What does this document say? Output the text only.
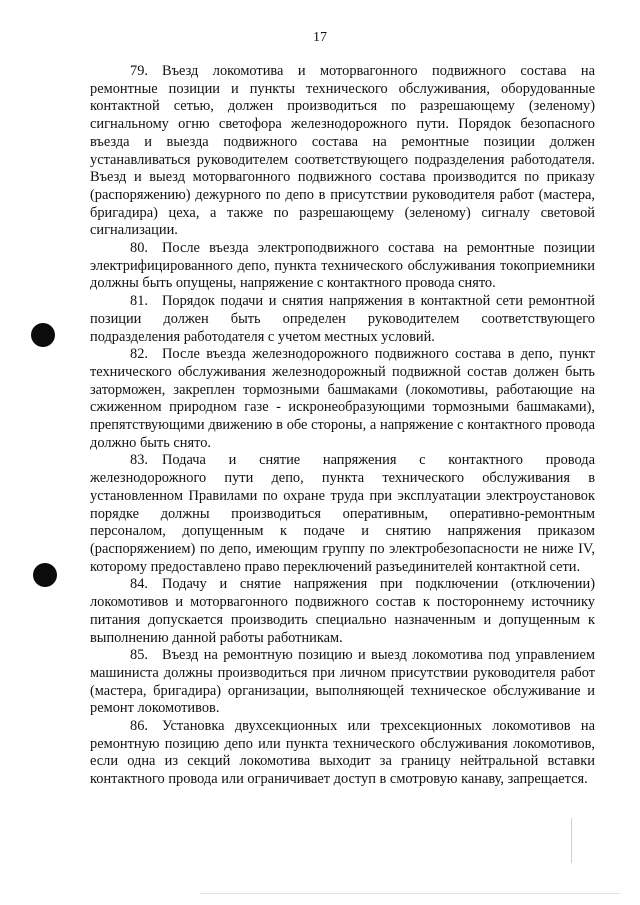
17

79. Въезд локомотива и моторвагонного подвижного состава на ремонтные позиции и пункты технического обслуживания, оборудованные контактной сетью, должен производиться по разрешающему (зеленому) сигнальному огню светофора железнодорожного пути. Порядок безопасного въезда и выезда подвижного состава на ремонтные позиции должен устанавливаться руководителем соответствующего подразделения работодателя. Въезд и выезд моторвагонного подвижного состава производится по приказу (распоряжению) дежурного по депо в присутствии руководителя работ (мастера, бригадира) цеха, а также по разрешающему (зеленому) сигналу световой сигнализации.

80. После въезда электроподвижного состава на ремонтные позиции электрифицированного депо, пункта технического обслуживания токоприемники должны быть опущены, напряжение с контактного провода снято.

81. Порядок подачи и снятия напряжения в контактной сети ремонтной позиции должен быть определен руководителем соответствующего подразделения работодателя с учетом местных условий.

82. После въезда железнодорожного подвижного состава в депо, пункт технического обслуживания железнодорожный подвижной состав должен быть заторможен, закреплен тормозными башмаками (локомотивы, работающие на сжиженном природном газе - искронеобразующими тормозными башмаками), препятствующими движению в обе стороны, а напряжение с контактного провода должно быть снято.

83. Подача и снятие напряжения с контактного провода железнодорожного пути депо, пункта технического обслуживания в установленном Правилами по охране труда при эксплуатации электроустановок порядке должны производиться оперативным, оперативно-ремонтным персоналом, допущенным к подаче и снятию напряжения приказом (распоряжением) по депо, имеющим группу по электробезопасности не ниже IV, которому предоставлено право переключений разъединителей контактной сети.

84. Подачу и снятие напряжения при подключении (отключении) локомотивов и моторвагонного подвижного состав к постороннему источнику питания допускается производить специально назначенным и допущенным к выполнению данной работы работникам.

85. Въезд на ремонтную позицию и выезд локомотива под управлением машиниста должны производиться при личном присутствии руководителя работ (мастера, бригадира) организации, выполняющей техническое обслуживание и ремонт локомотивов.

86. Установка двухсекционных или трехсекционных локомотивов на ремонтную позицию депо или пункта технического обслуживания локомотивов, если одна из секций локомотива выходит за границу нейтральной вставки контактного провода или ограничивает доступ в смотровую канаву, запрещается.
